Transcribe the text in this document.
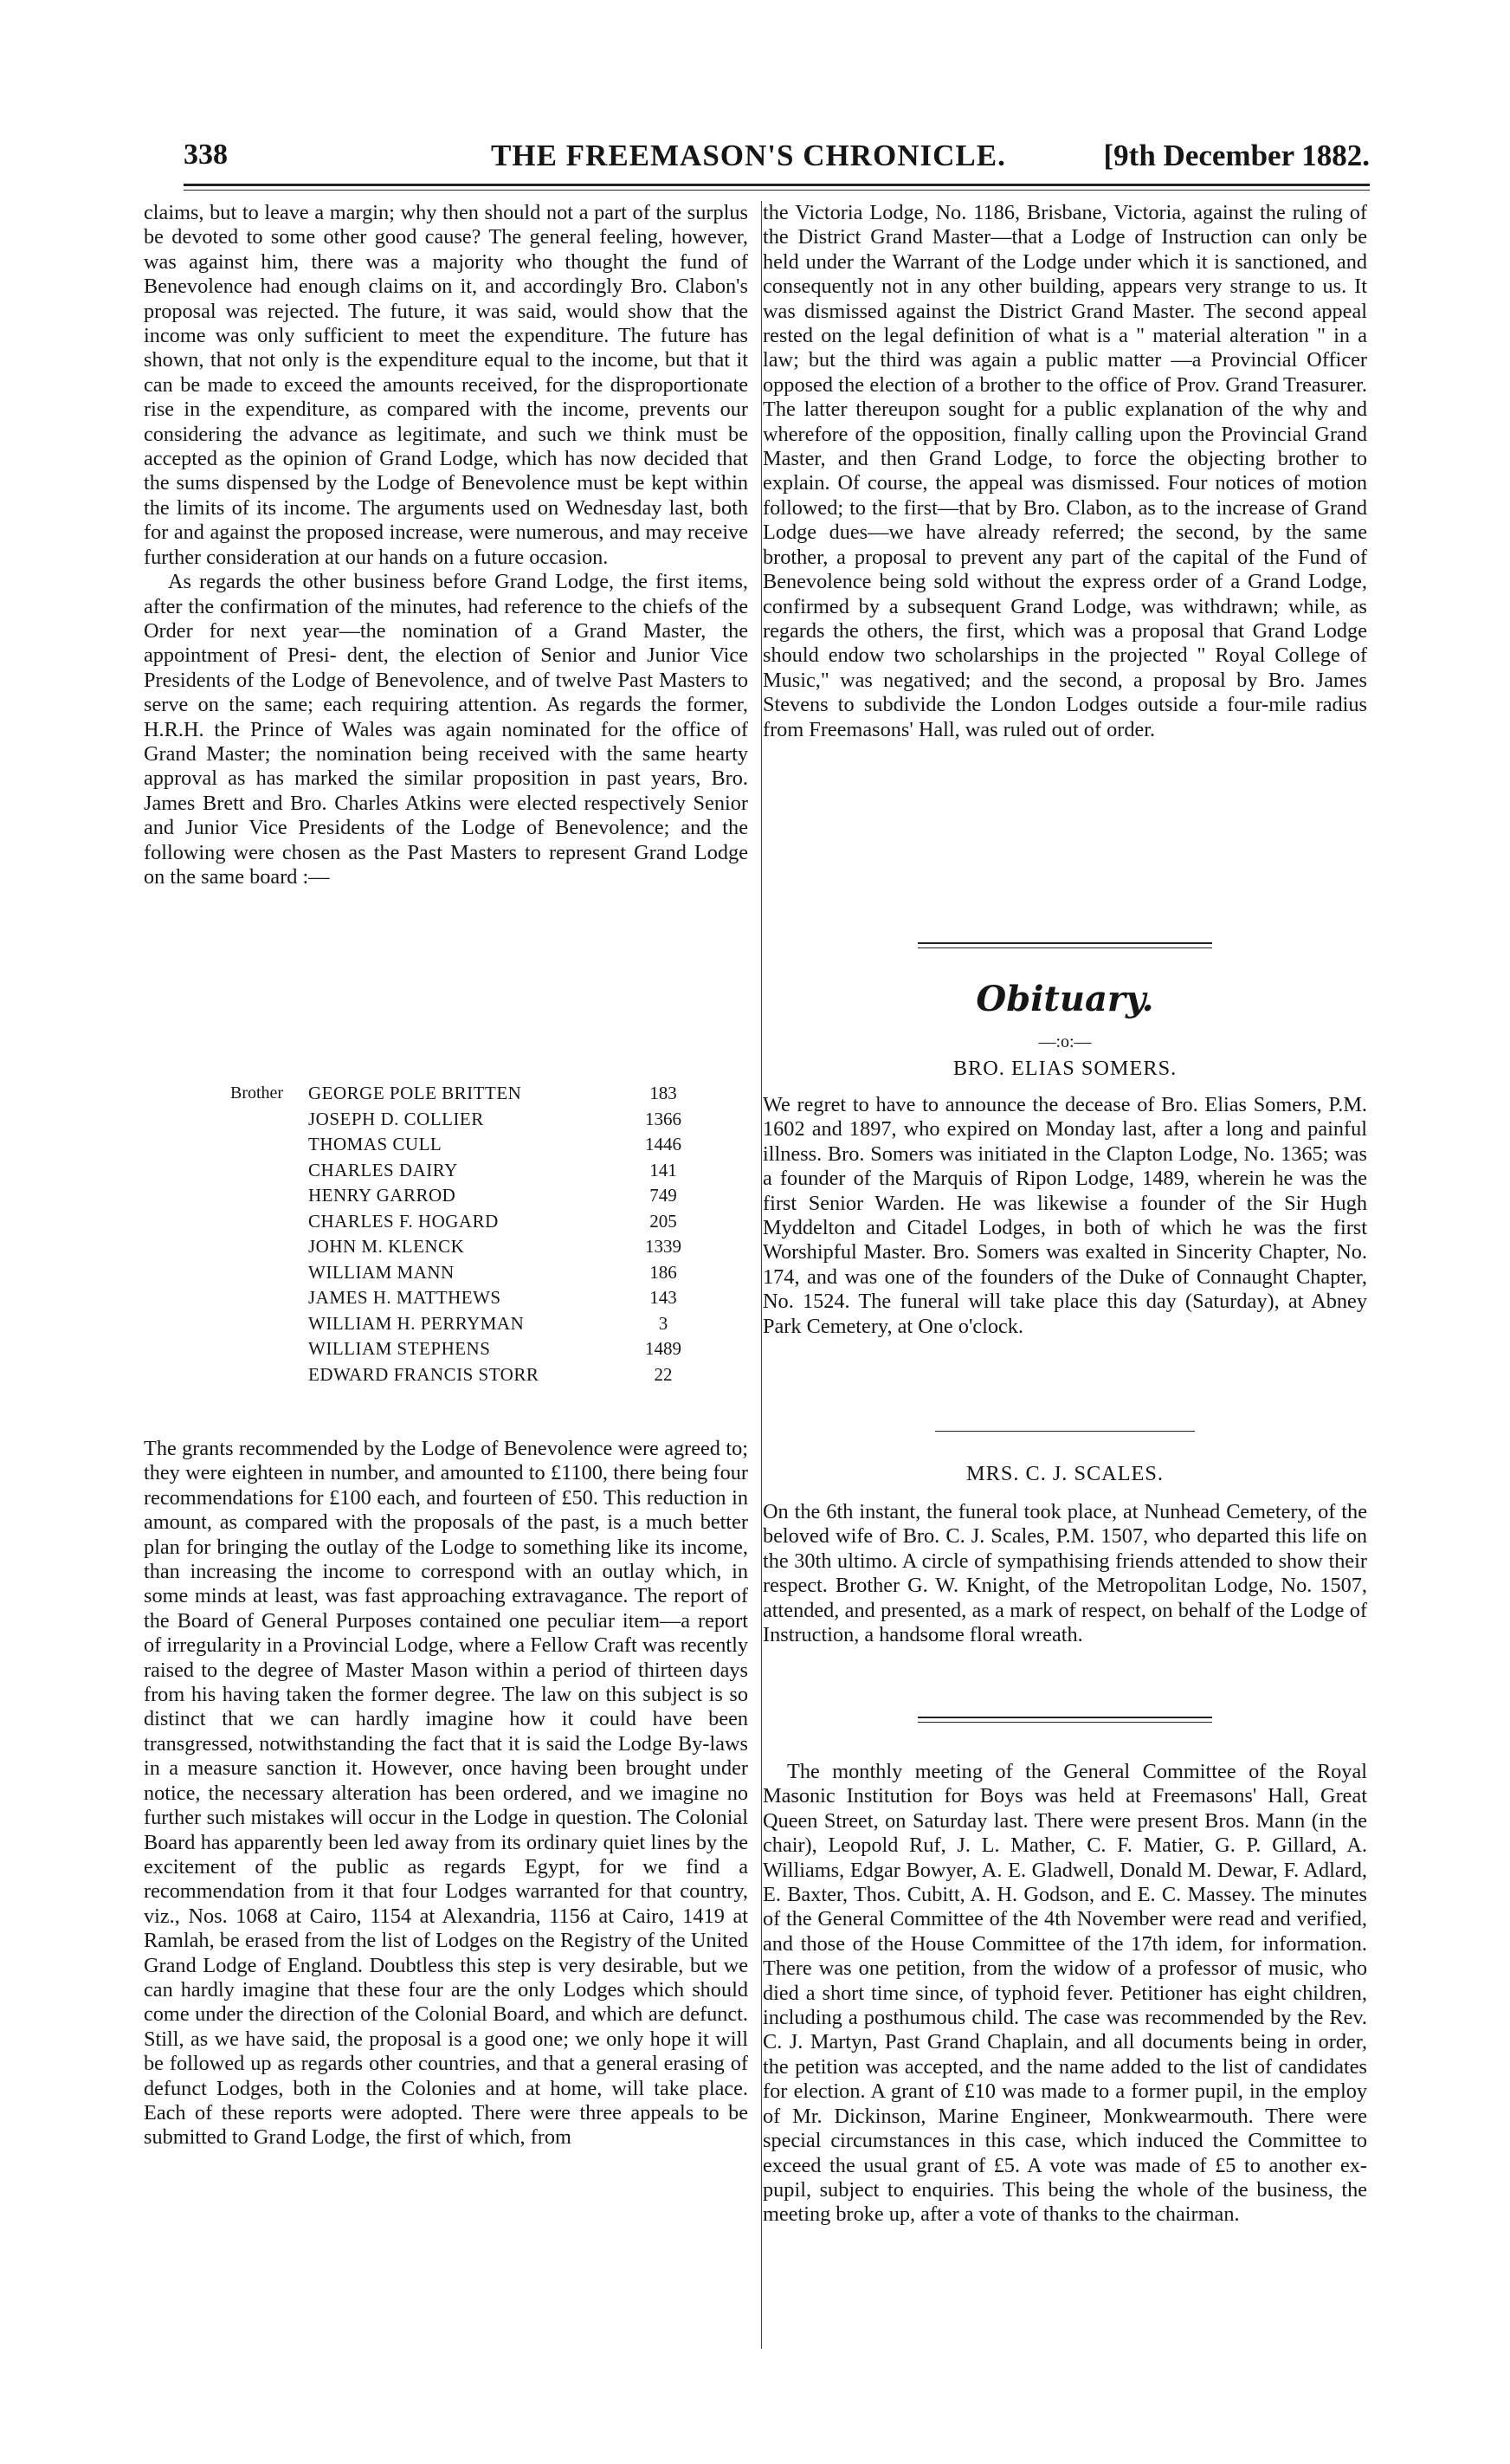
338	THE FREEMASON'S CHRONICLE.	[9th December 1882.

claims, but to leave a margin; why then should not a part of the surplus be devoted to some other good cause? The general feeling, however, was against him, there was a majority who thought the fund of Benevolence had enough claims on it, and accordingly Bro. Clabon's proposal was rejected. The future, it was said, would show that the income was only sufficient to meet the expenditure. The future has shown, that not only is the expenditure equal to the income, but that it can be made to exceed the amounts received, for the disproportionate rise in the expenditure, as compared with the income, prevents our considering the advance as legitimate, and such we think must be accepted as the opinion of Grand Lodge, which has now decided that the sums dispensed by the Lodge of Benevolence must be kept within the limits of its income. The arguments used on Wednesday last, both for and against the proposed increase, were numerous, and may receive further consideration at our hands on a future occasion.

As regards the other business before Grand Lodge, the first items, after the confirmation of the minutes, had reference to the chiefs of the Order for next year—the nomination of a Grand Master, the appointment of Presi- dent, the election of Senior and Junior Vice Presidents of the Lodge of Benevolence, and of twelve Past Masters to serve on the same; each requiring attention. As regards the former, H.R.H. the Prince of Wales was again nominated for the office of Grand Master; the nomination being received with the same hearty approval as has marked the similar proposition in past years, Bro. James Brett and Bro. Charles Atkins were elected respectively Senior and Junior Vice Presidents of the Lodge of Benevolence; and the following were chosen as the Past Masters to represent Grand Lodge on the same board :—

Brother GEORGE POLE BRITTEN	183
JOSEPH D. COLLIER	1366
THOMAS CULL	1446
CHARLES DAIRY	141
HENRY GARROD	749
CHARLES F. HOGARD	205
JOHN M. KLENCK	1339
WILLIAM MANN	186
JAMES H. MATTHEWS	143
WILLIAM H. PERRYMAN	3
WILLIAM STEPHENS	1489
EDWARD FRANCIS STORR	22

The grants recommended by the Lodge of Benevolence were agreed to; they were eighteen in number, and amounted to £1100, there being four recommendations for £100 each, and fourteen of £50. This reduction in amount, as compared with the proposals of the past, is a much better plan for bringing the outlay of the Lodge to something like its income, than increasing the income to correspond with an outlay which, in some minds at least, was fast approaching extravagance. The report of the Board of General Purposes contained one peculiar item—a report of irregularity in a Provincial Lodge, where a Fellow Craft was recently raised to the degree of Master Mason within a period of thirteen days from his having taken the former degree. The law on this subject is so distinct that we can hardly imagine how it could have been transgressed, notwithstanding the fact that it is said the Lodge By-laws in a measure sanction it. However, once having been brought under notice, the necessary alteration has been ordered, and we imagine no further such mistakes will occur in the Lodge in question. The Colonial Board has apparently been led away from its ordinary quiet lines by the excitement of the public as regards Egypt, for we find a recommendation from it that four Lodges warranted for that country, viz., Nos. 1068 at Cairo, 1154 at Alexandria, 1156 at Cairo, 1419 at Ramlah, be erased from the list of Lodges on the Registry of the United Grand Lodge of England. Doubtless this step is very desirable, but we can hardly imagine that these four are the only Lodges which should come under the direction of the Colonial Board, and which are defunct. Still, as we have said, the proposal is a good one; we only hope it will be followed up as regards other countries, and that a general erasing of defunct Lodges, both in the Colonies and at home, will take place. Each of these reports were adopted. There were three appeals to be submitted to Grand Lodge, the first of which, from

the Victoria Lodge, No. 1186, Brisbane, Victoria, against the ruling of the District Grand Master—that a Lodge of Instruction can only be held under the Warrant of the Lodge under which it is sanctioned, and consequently not in any other building, appears very strange to us. It was dismissed against the District Grand Master. The second appeal rested on the legal definition of what is a " material alteration " in a law; but the third was again a public matter —a Provincial Officer opposed the election of a brother to the office of Prov. Grand Treasurer. The latter thereupon sought for a public explanation of the why and wherefore of the opposition, finally calling upon the Provincial Grand Master, and then Grand Lodge, to force the objecting brother to explain. Of course, the appeal was dismissed. Four notices of motion followed; to the first—that by Bro. Clabon, as to the increase of Grand Lodge dues—we have already referred; the second, by the same brother, a proposal to prevent any part of the capital of the Fund of Benevolence being sold without the express order of a Grand Lodge, confirmed by a subsequent Grand Lodge, was withdrawn; while, as regards the others, the first, which was a proposal that Grand Lodge should endow two scholarships in the projected " Royal College of Music," was negatived; and the second, a proposal by Bro. James Stevens to subdivide the London Lodges outside a four-mile radius from Freemasons' Hall, was ruled out of order.

Obituary.
—:o:—
BRO. ELIAS SOMERS.

We regret to have to announce the decease of Bro. Elias Somers, P.M. 1602 and 1897, who expired on Monday last, after a long and painful illness. Bro. Somers was initiated in the Clapton Lodge, No. 1365; was a founder of the Marquis of Ripon Lodge, 1489, wherein he was the first Senior Warden. He was likewise a founder of the Sir Hugh Myddelton and Citadel Lodges, in both of which he was the first Worshipful Master. Bro. Somers was exalted in Sincerity Chapter, No. 174, and was one of the founders of the Duke of Connaught Chapter, No. 1524. The funeral will take place this day (Saturday), at Abney Park Cemetery, at One o'clock.

MRS. C. J. SCALES.

On the 6th instant, the funeral took place, at Nunhead Cemetery, of the beloved wife of Bro. C. J. Scales, P.M. 1507, who departed this life on the 30th ultimo. A circle of sympathising friends attended to show their respect. Brother G. W. Knight, of the Metropolitan Lodge, No. 1507, attended, and presented, as a mark of respect, on behalf of the Lodge of Instruction, a handsome floral wreath.

The monthly meeting of the General Committee of the Royal Masonic Institution for Boys was held at Freemasons' Hall, Great Queen Street, on Saturday last. There were present Bros. Mann (in the chair), Leopold Ruf, J. L. Mather, C. F. Matier, G. P. Gillard, A. Williams, Edgar Bowyer, A. E. Gladwell, Donald M. Dewar, F. Adlard, E. Baxter, Thos. Cubitt, A. H. Godson, and E. C. Massey. The minutes of the General Committee of the 4th November were read and verified, and those of the House Committee of the 17th idem, for information. There was one petition, from the widow of a professor of music, who died a short time since, of typhoid fever. Petitioner has eight children, including a posthumous child. The case was recommended by the Rev. C. J. Martyn, Past Grand Chaplain, and all documents being in order, the petition was accepted, and the name added to the list of candidates for election. A grant of £10 was made to a former pupil, in the employ of Mr. Dickinson, Marine Engineer, Monkwearmouth. There were special circumstances in this case, which induced the Committee to exceed the usual grant of £5. A vote was made of £5 to another ex-pupil, subject to enquiries. This being the whole of the business, the meeting broke up, after a vote of thanks to the chairman.
